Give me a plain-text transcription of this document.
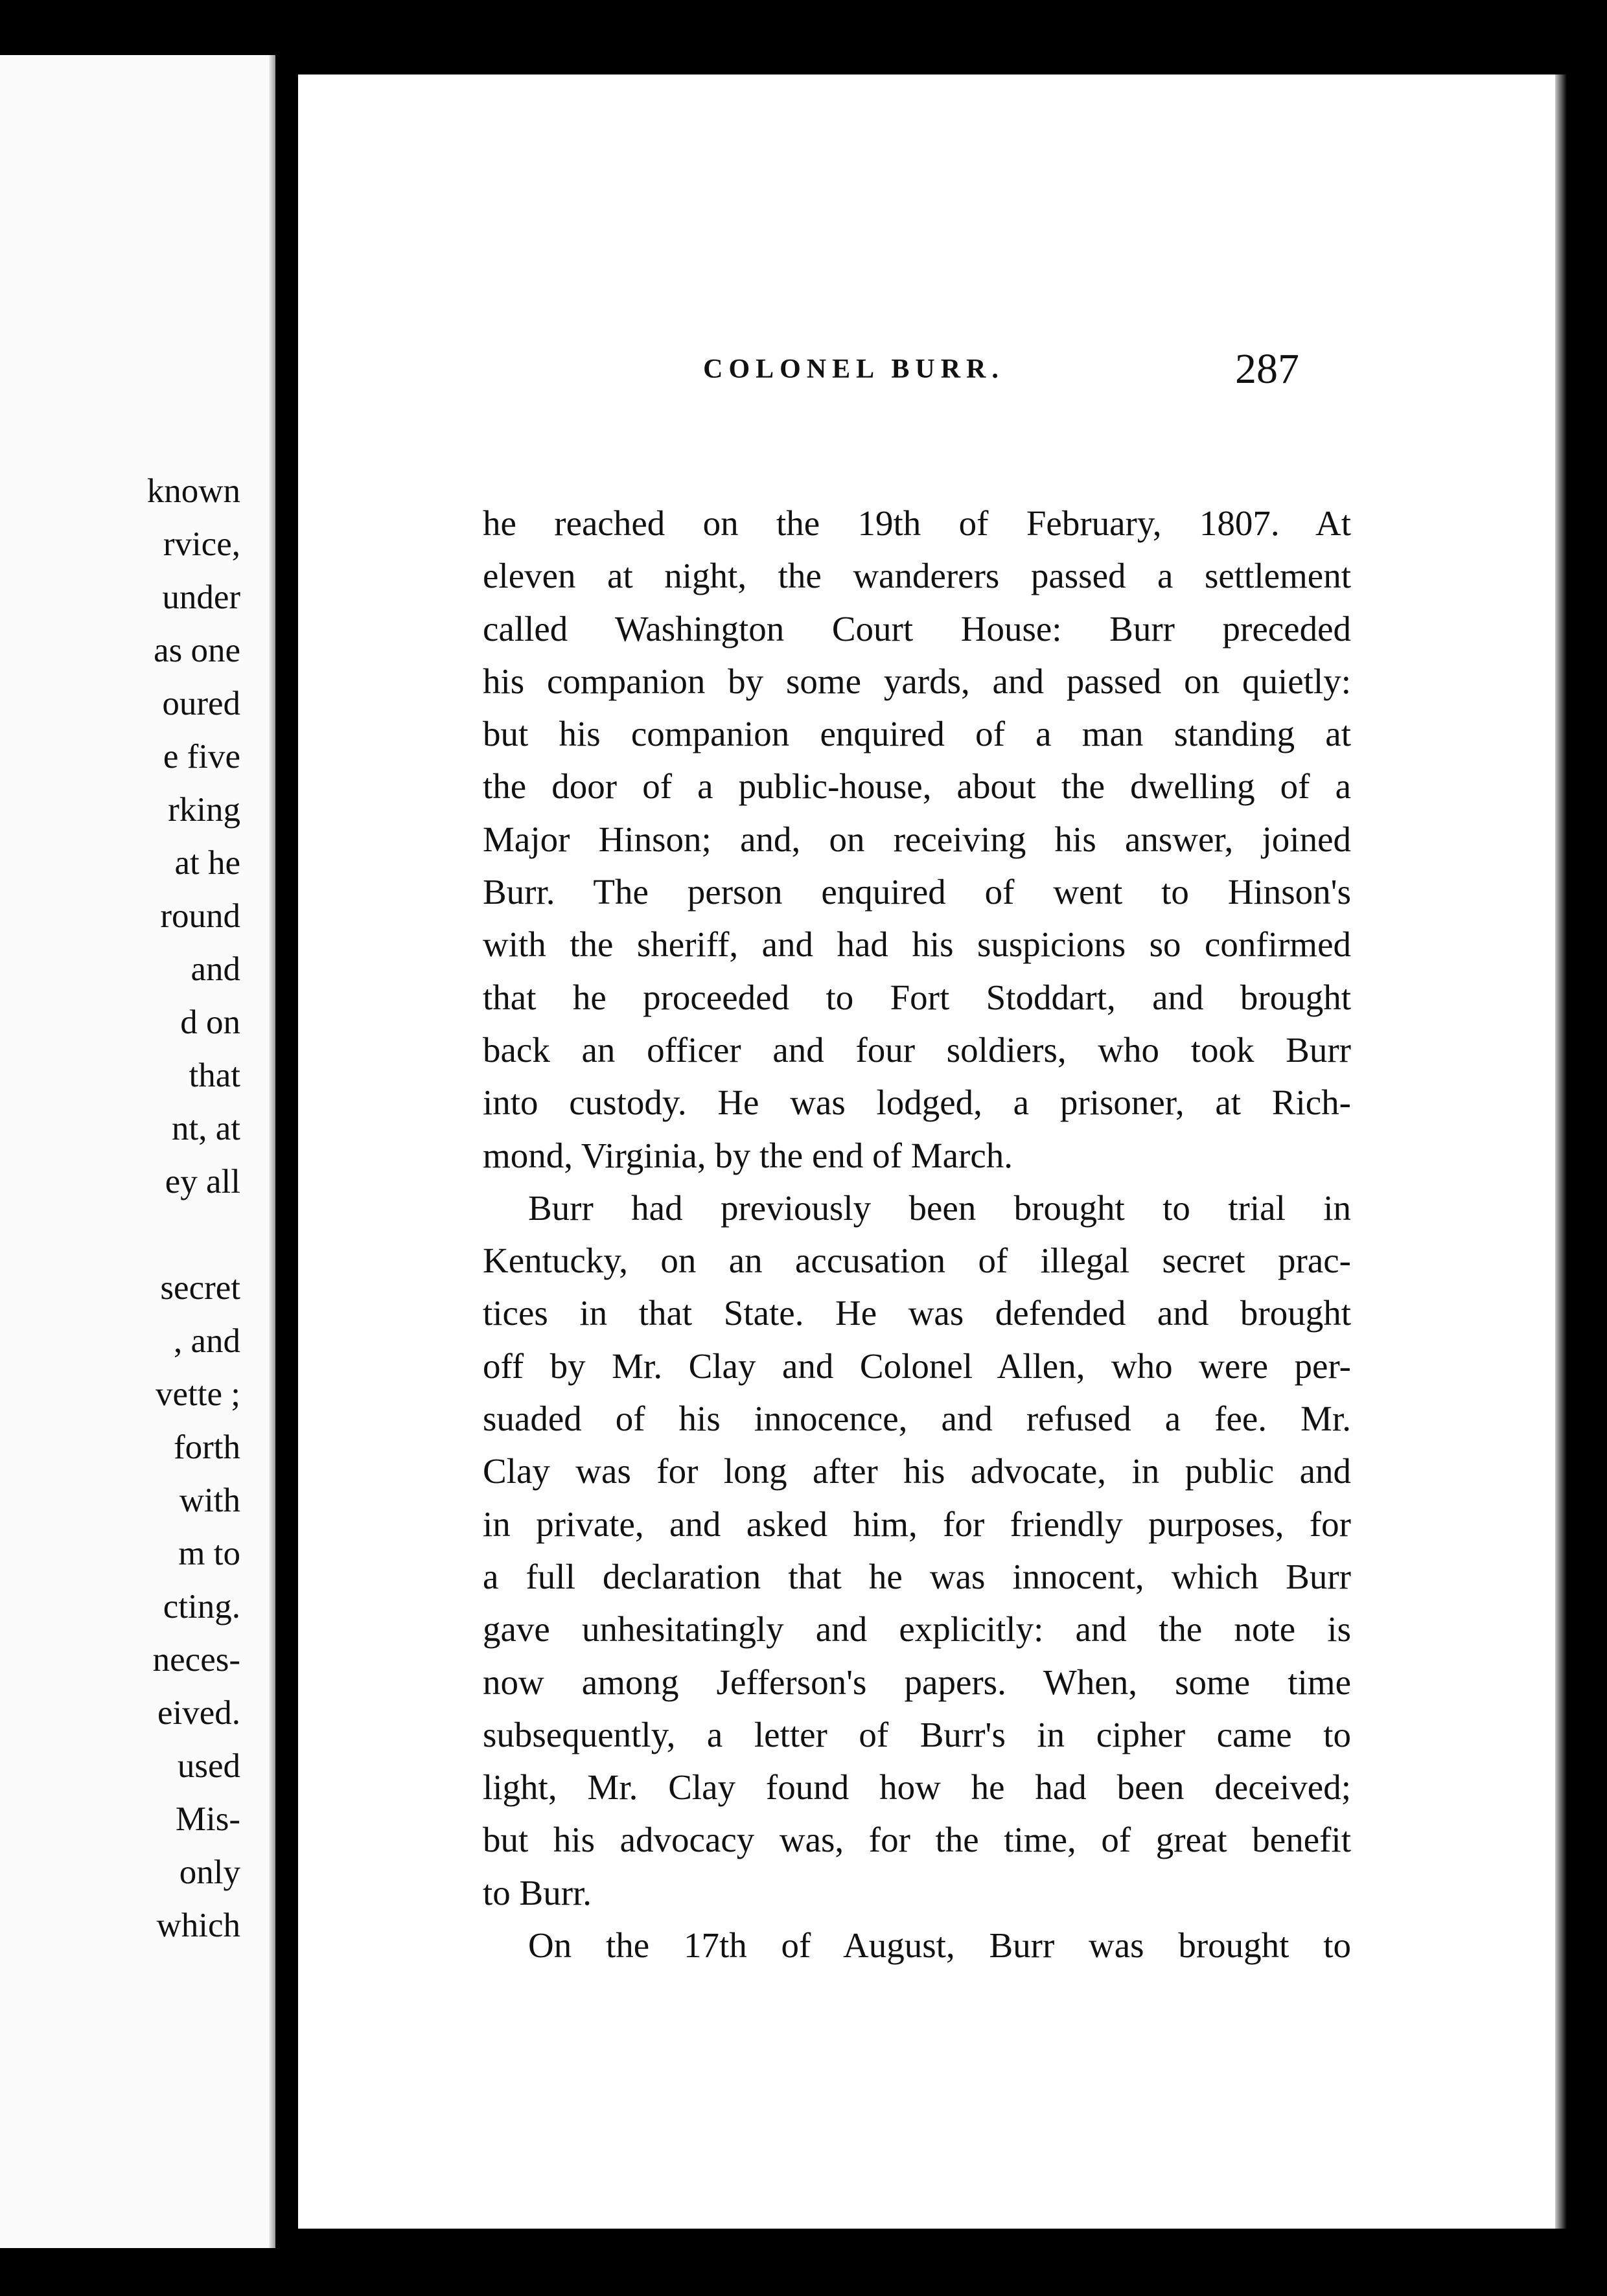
known
rvice,
under
as one
oured
e five
rking
at he
round
and
d on
that
nt, at
ey all
secret
, and
vette ;
forth
with
m to
cting.
neces-
eived.
used
Mis-
only
which
COLONEL BURR.	287
he reached on the 19th of February, 1807. At
eleven at night, the wanderers passed a settlement
called Washington Court House: Burr preceded
his companion by some yards, and passed on quietly:
but his companion enquired of a man standing at
the door of a public-house, about the dwelling of a
Major Hinson; and, on receiving his answer, joined
Burr. The person enquired of went to Hinson's
with the sheriff, and had his suspicions so confirmed
that he proceeded to Fort Stoddart, and brought
back an officer and four soldiers, who took Burr
into custody. He was lodged, a prisoner, at Rich-
mond, Virginia, by the end of March.
Burr had previously been brought to trial in
Kentucky, on an accusation of illegal secret prac-
tices in that State. He was defended and brought
off by Mr. Clay and Colonel Allen, who were per-
suaded of his innocence, and refused a fee. Mr.
Clay was for long after his advocate, in public and
in private, and asked him, for friendly purposes, for
a full declaration that he was innocent, which Burr
gave unhesitatingly and explicitly: and the note is
now among Jefferson's papers. When, some time
subsequently, a letter of Burr's in cipher came to
light, Mr. Clay found how he had been deceived;
but his advocacy was, for the time, of great benefit
to Burr.
On the 17th of August, Burr was brought to
